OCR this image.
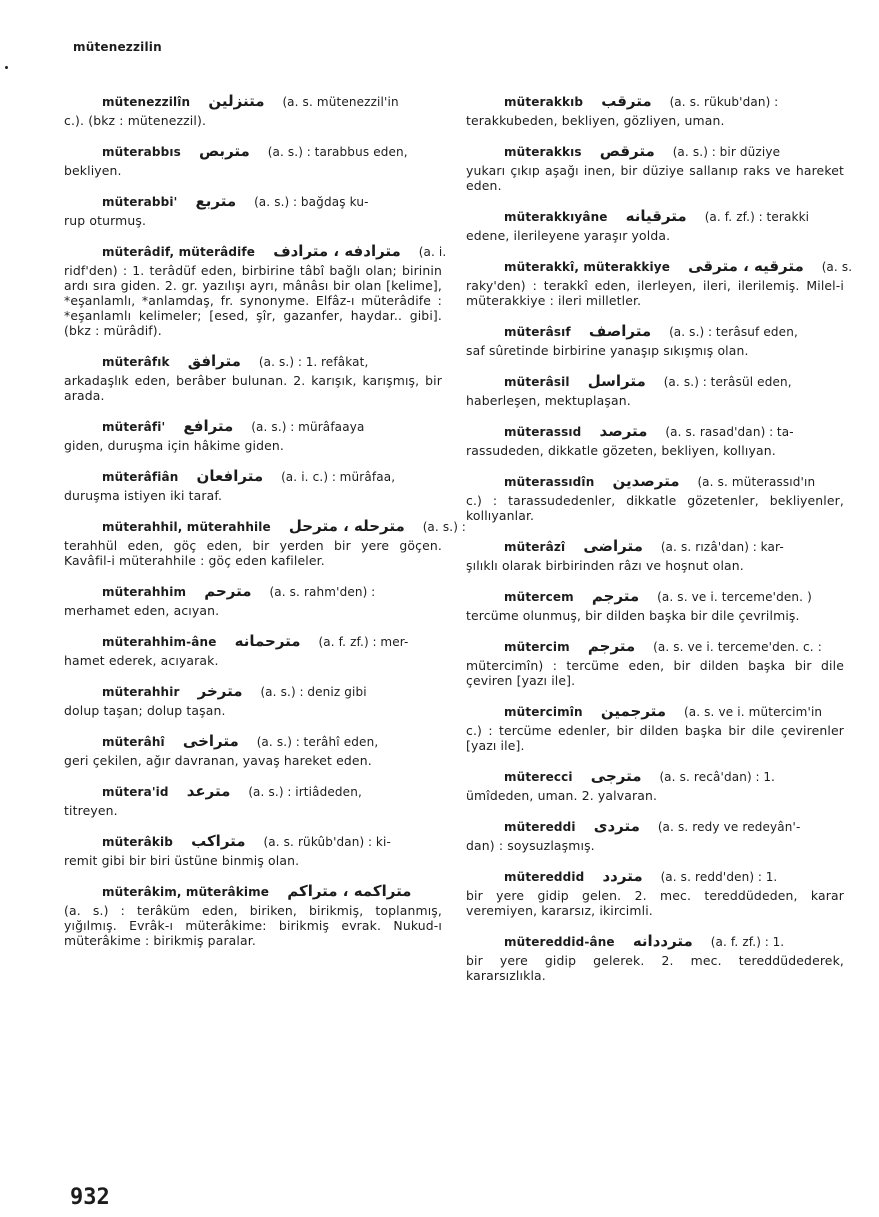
mütenezzilin
mütenezzilîn متنزلين (a. s. mütenezzil'in
c.). (bkz : mütenezzil).
müterabbıs متربص (a. s.) : tarabbus eden,
bekliyen.
müterabbi' متربع (a. s.) : bağdaş ku-
rup oturmuş.
müterâdif, müterâdife مترادفه ، مترادف (a. i.
ridf'den) : 1. terâdüf eden, birbirine tâbî bağlı olan; birinin ardı sıra giden. 2. gr. yazılışı ayrı, mânâsı bir olan [kelime], *eşanlamlı, *anlamdaş, fr. synonyme. Elfâz-ı müterâdife : *eşanlamlı kelimeler; [esed, şîr, gazanfer, haydar.. gibi]. (bkz : mürâdif).
müterâfık مترافق (a. s.) : 1. refâkat,
arkadaşlık eden, berâber bulunan. 2. karışık, karışmış, bir arada.
müterâfi' مترافع (a. s.) : mürâfaaya
giden, duruşma için hâkime giden.
müterâfiân مترافعان (a. i. c.) : mürâfaa,
duruşma istiyen iki taraf.
müterahhil, müterahhile مترحله ، مترحل (a. s.) :
terahhül eden, göç eden, bir yerden bir yere göçen. Kavâfil-i müterahhile : göç eden kafileler.
müterahhim مترحم (a. s. rahm'den) :
merhamet eden, acıyan.
müterahhim-âne مترحمانه (a. f. zf.) : mer-
hamet ederek, acıyarak.
müterahhir مترخر (a. s.) : deniz gibi
dolup taşan; dolup taşan.
müterâhî متراخى (a. s.) : terâhî eden,
geri çekilen, ağır davranan, yavaş hareket eden.
mütera'id مترعد (a. s.) : irtiâdeden,
titreyen.
müterâkib متراكب (a. s. rükûb'dan) : ki-
remit gibi bir biri üstüne binmiş olan.
müterâkim, müterâkime متراكمه ، متراكم
(a. s.) : terâküm eden, biriken, birikmiş, toplanmış, yığılmış. Evrâk-ı müterâkime: birikmiş evrak. Nukud-ı müterâkime : birikmiş paralar.
müterakkıb مترقب (a. s. rükub'dan) :
terakkubeden, bekliyen, gözliyen, uman.
müterakkıs مترقص (a. s.) : bir düziye
yukarı çıkıp aşağı inen, bir düziye sallanıp raks ve hareket eden.
müterakkıyâne مترقيانه (a. f. zf.) : terakki
edene, ilerileyene yaraşır yolda.
müterakkî, müterakkiye مترقيه ، مترقى (a. s.
raky'den) : terakkî eden, ilerleyen, ileri, ilerilemiş. Milel-i müterakkiye : ileri milletler.
müterâsıf متراصف (a. s.) : terâsuf eden,
saf sûretinde birbirine yanaşıp sıkışmış olan.
müterâsil متراسل (a. s.) : terâsül eden,
haberleşen, mektuplaşan.
müterassıd مترصد (a. s. rasad'dan) : ta-
rassudeden, dikkatle gözeten, bekliyen, kollıyan.
müterassıdîn مترصدين (a. s. müterassıd'ın
c.) : tarassudedenler, dikkatle gözetenler, bekliyenler, kollıyanlar.
müterâzî متراضى (a. s. rızâ'dan) : kar-
şılıklı olarak birbirinden râzı ve hoşnut olan.
mütercem مترجم (a. s. ve i. terceme'den. )
tercüme olunmuş, bir dilden başka bir dile çevrilmiş.
mütercim مترجم (a. s. ve i. terceme'den. c. :
mütercimîn) : tercüme eden, bir dilden başka bir dile çeviren [yazı ile].
mütercimîn مترجمين (a. s. ve i. mütercim'in
c.) : tercüme edenler, bir dilden başka bir dile çevirenler [yazı ile].
müterecci مترجى (a. s. recâ'dan) : 1.
ümîdeden, uman. 2. yalvaran.
mütereddi متردى (a. s. redy ve redeyân'-
dan) : soysuzlaşmış.
mütereddid متردد (a. s. redd'den) : 1.
bir yere gidip gelen. 2. mec. tereddüdeden, karar veremiyen, kararsız, ikircimli.
mütereddid-âne مترددانه (a. f. zf.) : 1.
bir yere gidip gelerek. 2. mec. tereddüdederek, kararsızlıkla.
932
